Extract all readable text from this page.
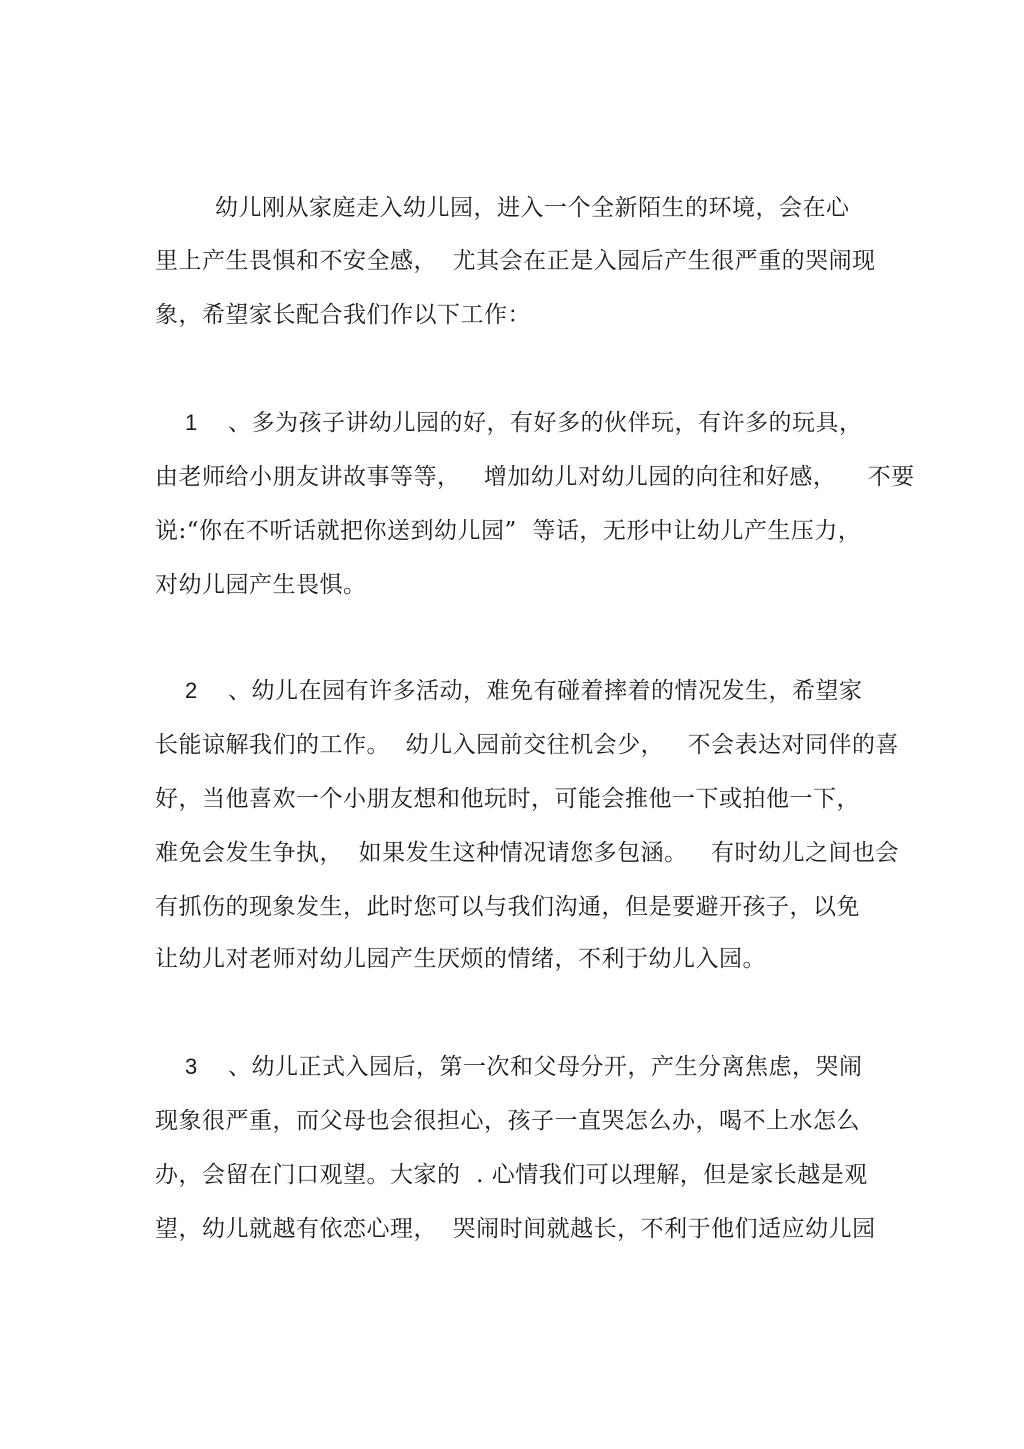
幼儿刚从家庭走入幼儿园，进入一个全新陌生的环境，会在心
里上产生畏惧和不安全感，  尤其会在正是入园后产生很严重的哭闹现
象，希望家长配合我们作以下工作：
1 、多为孩子讲幼儿园的好，有好多的伙伴玩，有许多的玩具，
由老师给小朋友讲故事等等，   增加幼儿对幼儿园的向往和好感，    不要
说:“你在不听话就把你送到幼儿园”  等话，无形中让幼儿产生压力，
对幼儿园产生畏惧。
2 、幼儿在园有许多活动，难免有碰着摔着的情况发生，希望家
长能谅解我们的工作。  幼儿入园前交往机会少，   不会表达对同伴的喜
好，当他喜欢一个小朋友想和他玩时，可能会推他一下或拍他一下，
难免会发生争执，  如果发生这种情况请您多包涵。   有时幼儿之间也会
有抓伤的现象发生，此时您可以与我们沟通，但是要避开孩子，以免
让幼儿对老师对幼儿园产生厌烦的情绪，不利于幼儿入园。
3 、幼儿正式入园后，第一次和父母分开，产生分离焦虑，哭闹
现象很严重，而父母也会很担心，孩子一直哭怎么办，喝不上水怎么
办，会留在门口观望。大家的  . 心情我们可以理解，但是家长越是观
望，幼儿就越有依恋心理，  哭闹时间就越长，不利于他们适应幼儿园
